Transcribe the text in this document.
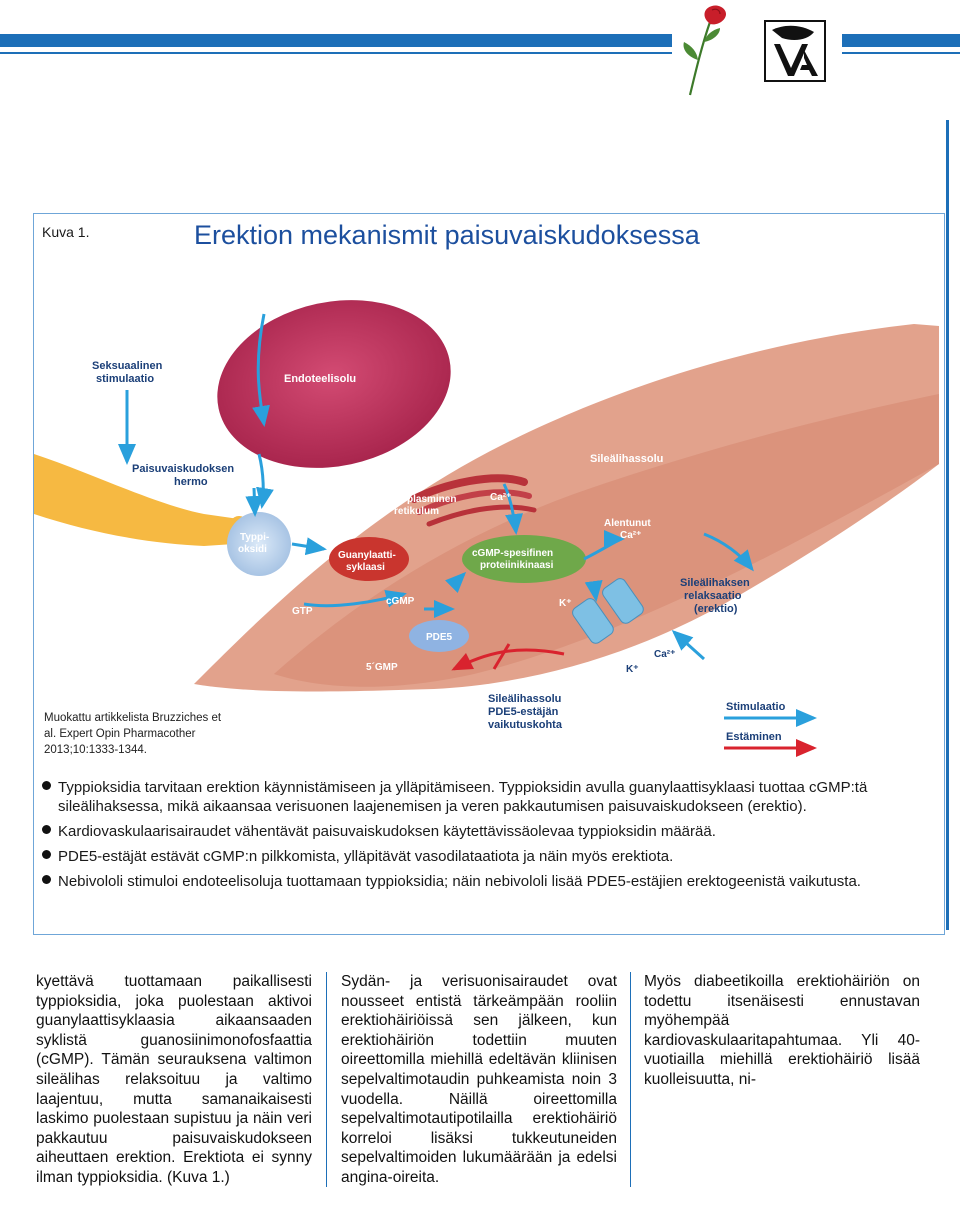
Seksuaalinen stimulaatio	Endoteelisolu
Paisuvaiskudoksen hermo
Typpi-oksidi
Endoplasminen retikulum
Ca²⁺
Sileälihassolu
Alentunut Ca²⁺
Guanylaatti-syklaasi
cGMP-spesifinen proteiinikinaasi
Sileälihaksen relaksaatio (erektio)
GTP
cGMP	K⁺
PDE5
Ca²⁺
K⁺
5´GMP
Sileälihassolu PDE5-estäjän vaikutuskohta
Stimulaatio
Estäminen
Kuva 1.	Erektion mekanismit paisuvaiskudoksessa
Muokattu artikkelista Bruzziches et al. Expert Opin Pharmacother 2013;10:1333-1344.
Typpioksidia tarvitaan erektion käynnistämiseen ja ylläpitämiseen. Typpioksidin avulla guanylaattisyklaasi tuottaa cGMP:tä sileälihaksessa, mikä aikaansaa verisuonen laajenemisen ja veren pakkautumisen paisuvaiskudokseen (erektio).
Kardiovaskulaarisairaudet vähentävät paisuvaiskudoksen käytettävissäolevaa typpioksidin määrää.
PDE5-estäjät estävät cGMP:n pilkkomista, ylläpitävät vasodilataatiota ja näin myös erektiota.
Nebivololi stimuloi endoteelisoluja tuottamaan typpioksidia; näin nebivololi lisää PDE5-estäjien erektogeenistä vaikutusta.
kyettävä tuottamaan paikallisesti typpioksidia, joka puolestaan aktivoi guanylaattisyklaasia aikaansaaden syklistä guanosiinimonofosfaattia (cGMP). Tämän seurauksena valtimon sileälihas relaksoituu ja valtimo laajentuu, mutta samanaikaisesti laskimo puolestaan supistuu ja näin veri pakkautuu paisuvaiskudokseen aiheuttaen erektion. Erektiota ei synny ilman typpioksidia. (Kuva 1.)
Sydän- ja verisuonisairaudet ovat nousseet entistä tärkeämpään rooliin erektiohäiriöissä sen jälkeen, kun erektiohäiriön todettiin muuten oireettomilla miehillä edeltävän kliinisen sepelvaltimotaudin puhkeamista noin 3 vuodella. Näillä oireettomilla sepelvaltimotautipotilailla erektiohäiriö korreloi lisäksi tukkeutuneiden sepelvaltimoiden lukumäärään ja edelsi angina-oireita.
Myös diabeetikoilla erektiohäiriön on todettu itsenäisesti ennustavan myöhempää kardiovaskulaaritapahtumaa. Yli 40-vuotiailla miehillä erektiohäiriö lisää kuolleisuutta, ni-
